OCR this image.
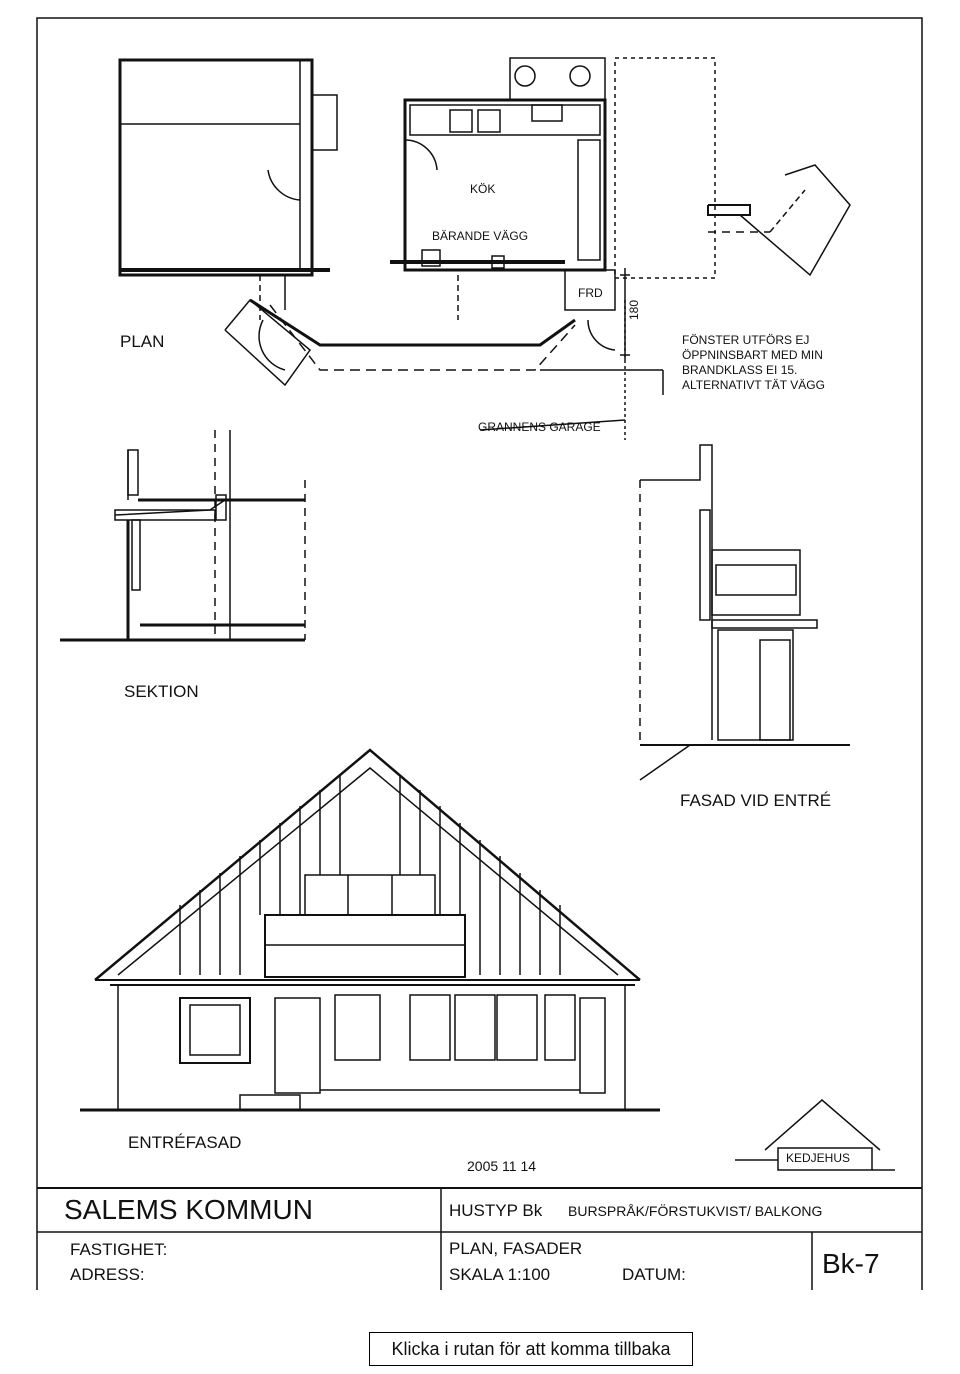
PLAN
KÖK
BÄRANDE VÄGG
FRD
180
FÖNSTER UTFÖRS EJ
ÖPPNINSBART MED MIN
BRANDKLASS EI 15.
ALTERNATIVT TÄT VÄGG
GRANNENS GARAGE
SEKTION
FASAD VID ENTRÉ
ENTRÉFASAD
2005 11 14	KEDJEHUS
SALEMS KOMMUN
FASTIGHET:
ADRESS:
HUSTYP Bk BURSPRÅK/FÖRSTUKVIST/ BALKONG
PLAN, FASADER
SKALA 1:100	DATUM:	Bk-7
Klicka i rutan för att komma tillbaka
